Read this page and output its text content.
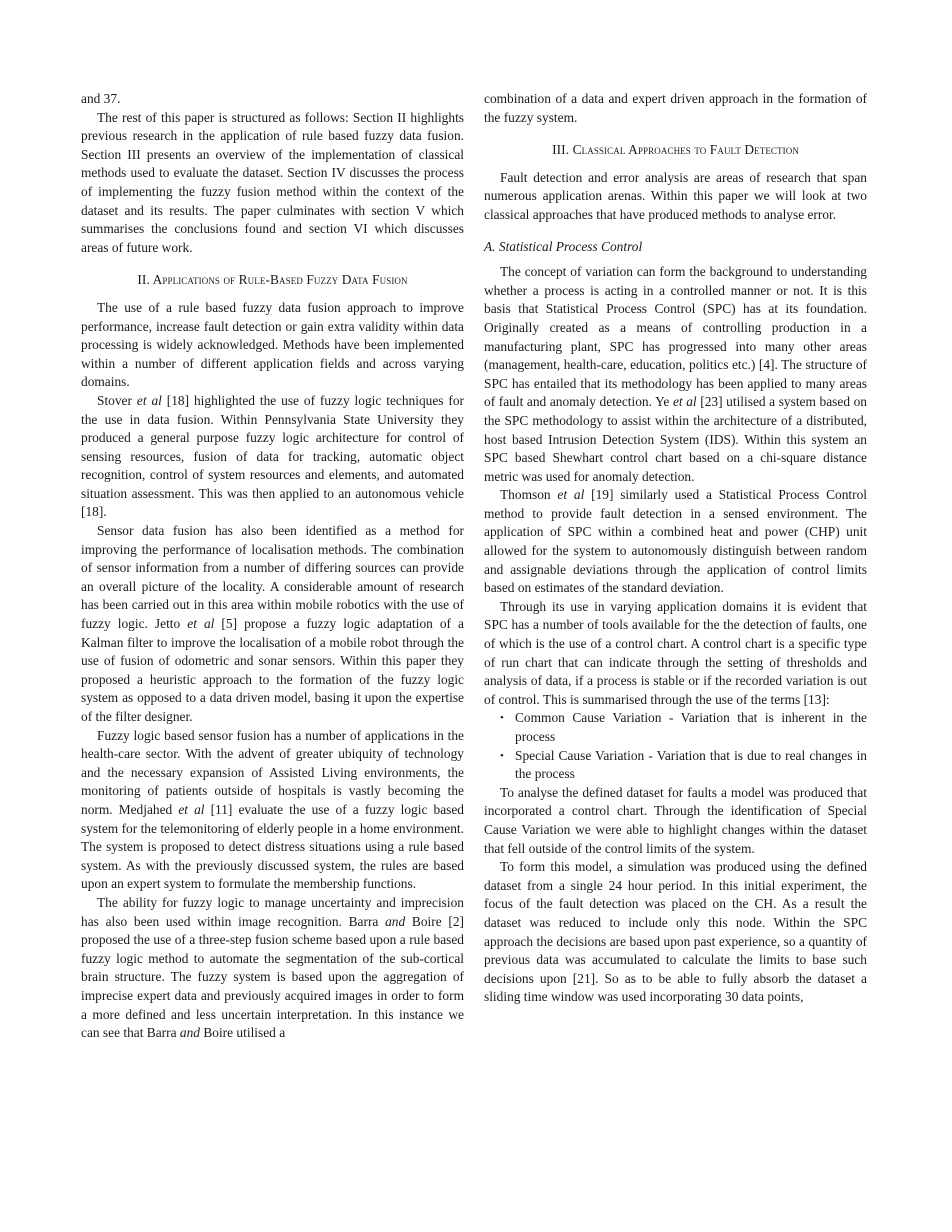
and 37.

The rest of this paper is structured as follows: Section II highlights previous research in the application of rule based fuzzy data fusion. Section III presents an overview of the implementation of classical methods used to evaluate the dataset. Section IV discusses the process of implementing the fuzzy fusion method within the context of the dataset and its results. The paper culminates with section V which summarises the conclusions found and section VI which discusses areas of future work.

II. Applications of Rule-Based Fuzzy Data Fusion

The use of a rule based fuzzy data fusion approach to improve performance, increase fault detection or gain extra validity within data processing is widely acknowledged. Methods have been implemented within a number of different application fields and across varying domains.

Stover et al [18] highlighted the use of fuzzy logic techniques for the use in data fusion. Within Pennsylvania State University they produced a general purpose fuzzy logic architecture for control of sensing resources, fusion of data for tracking, automatic object recognition, control of system resources and elements, and automated situation assessment. This was then applied to an autonomous vehicle [18].

Sensor data fusion has also been identified as a method for improving the performance of localisation methods. The combination of sensor information from a number of differing sources can provide an overall picture of the locality. A considerable amount of research has been carried out in this area within mobile robotics with the use of fuzzy logic. Jetto et al [5] propose a fuzzy logic adaptation of a Kalman filter to improve the localisation of a mobile robot through the use of fusion of odometric and sonar sensors. Within this paper they proposed a heuristic approach to the formation of the fuzzy logic system as opposed to a data driven model, basing it upon the expertise of the filter designer.

Fuzzy logic based sensor fusion has a number of applications in the health-care sector. With the advent of greater ubiquity of technology and the necessary expansion of Assisted Living environments, the monitoring of patients outside of hospitals is vastly becoming the norm. Medjahed et al [11] evaluate the use of a fuzzy logic based system for the telemonitoring of elderly people in a home environment. The system is proposed to detect distress situations using a rule based system. As with the previously discussed system, the rules are based upon an expert system to formulate the membership functions.

The ability for fuzzy logic to manage uncertainty and imprecision has also been used within image recognition. Barra and Boire [2] proposed the use of a three-step fusion scheme based upon a rule based fuzzy logic method to automate the segmentation of the sub-cortical brain structure. The fuzzy system is based upon the aggregation of imprecise expert data and previously acquired images in order to form a more defined and less uncertain interpretation. In this instance we can see that Barra and Boire utilised a

combination of a data and expert driven approach in the formation of the fuzzy system.

III. Classical Approaches to Fault Detection

Fault detection and error analysis are areas of research that span numerous application arenas. Within this paper we will look at two classical approaches that have produced methods to analyse error.

A. Statistical Process Control

The concept of variation can form the background to understanding whether a process is acting in a controlled manner or not. It is this basis that Statistical Process Control (SPC) has at its foundation. Originally created as a means of controlling production in a manufacturing plant, SPC has progressed into many other areas (management, health-care, education, politics etc.) [4]. The structure of SPC has entailed that its methodology has been applied to many areas of fault and anomaly detection. Ye et al [23] utilised a system based on the SPC methodology to assist within the architecture of a distributed, host based Intrusion Detection System (IDS). Within this system an SPC based Shewhart control chart based on a chi-square distance metric was used for anomaly detection.

Thomson et al [19] similarly used a Statistical Process Control method to provide fault detection in a sensed environment. The application of SPC within a combined heat and power (CHP) unit allowed for the system to autonomously distinguish between random and assignable deviations through the application of control limits based on estimates of the standard deviation.

Through its use in varying application domains it is evident that SPC has a number of tools available for the the detection of faults, one of which is the use of a control chart. A control chart is a specific type of run chart that can indicate through the setting of thresholds and analysis of data, if a process is stable or if the recorded variation is out of control. This is summarised through the use of the terms [13]:

• Common Cause Variation - Variation that is inherent in the process
• Special Cause Variation - Variation that is due to real changes in the process

To analyse the defined dataset for faults a model was produced that incorporated a control chart. Through the identification of Special Cause Variation we were able to highlight changes within the dataset that fell outside of the control limits of the system.

To form this model, a simulation was produced using the defined dataset from a single 24 hour period. In this initial experiment, the focus of the fault detection was placed on the CH. As a result the dataset was reduced to include only this node. Within the SPC approach the decisions are based upon past experience, so a quantity of previous data was accumulated to calculate the limits to base such decisions upon [21]. So as to be able to fully absorb the dataset a sliding time window was used incorporating 30 data points,
